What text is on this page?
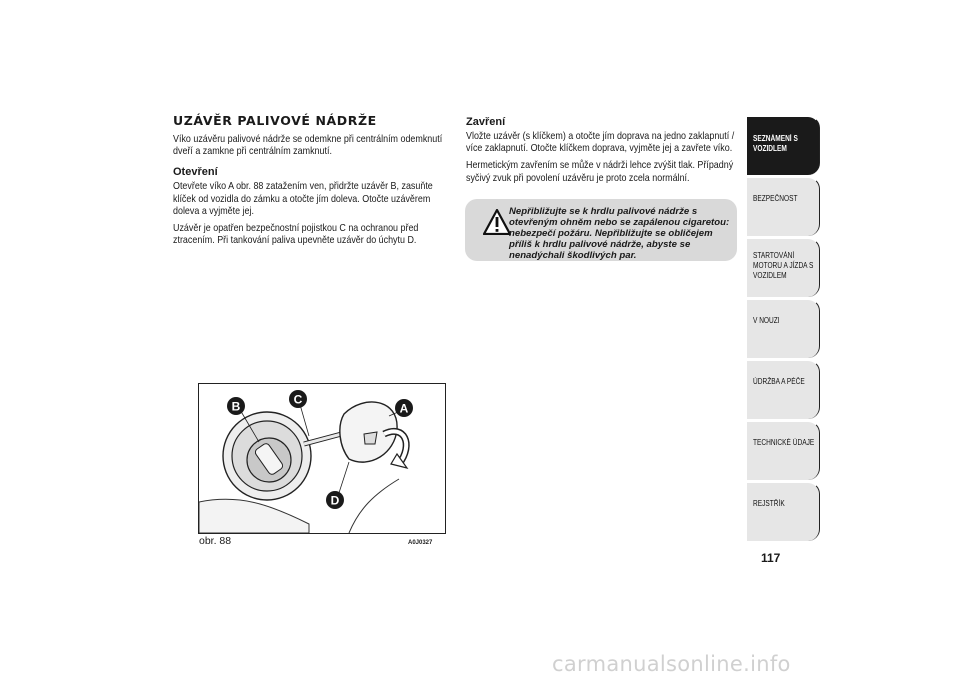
UZÁVĚR PALIVOVÉ NÁDRŽE
Víko uzávěru palivové nádrže se odemkne při centrálním odemknutí dveří a zamkne při centrálním zamknutí.
Otevření
Otevřete víko A obr. 88 zatažením ven, přidržte uzávěr B, zasuňte klíček od vozidla do zámku a otočte jím doleva. Otočte uzávěrem doleva a vyjměte jej.
Uzávěr je opatřen bezpečnostní pojistkou C na ochranou před ztracením. Při tankování paliva upevněte uzávěr do úchytu D.
Zavření
Vložte uzávěr (s klíčkem) a otočte jím doprava na jedno zaklapnutí / více zaklapnutí. Otočte klíčkem doprava, vyjměte jej a zavřete víko.
Hermetickým zavřením se může v nádrži lehce zvýšit tlak. Případný syčivý zvuk při povolení uzávěru je proto zcela normální.
Nepřibližujte se k hrdlu palivové nádrže s otevřeným ohněm nebo se zapálenou cigaretou: nebezpečí požáru. Nepřibližujte se obličejem příliš k hrdlu palivové nádrže, abyste se nenadýchali škodlivých par.
B	C
A
D
obr. 88	A0J0327
SEZNÁMENÍ S VOZIDLEM
BEZPEČNOST
STARTOVÁNÍ MOTORU A JÍZDA S VOZIDLEM
V NOUZI
ÚDRŽBA A PÉČE
TECHNICKÉ ÚDAJE
REJSTŘÍK
117
carmanualsonline.info
